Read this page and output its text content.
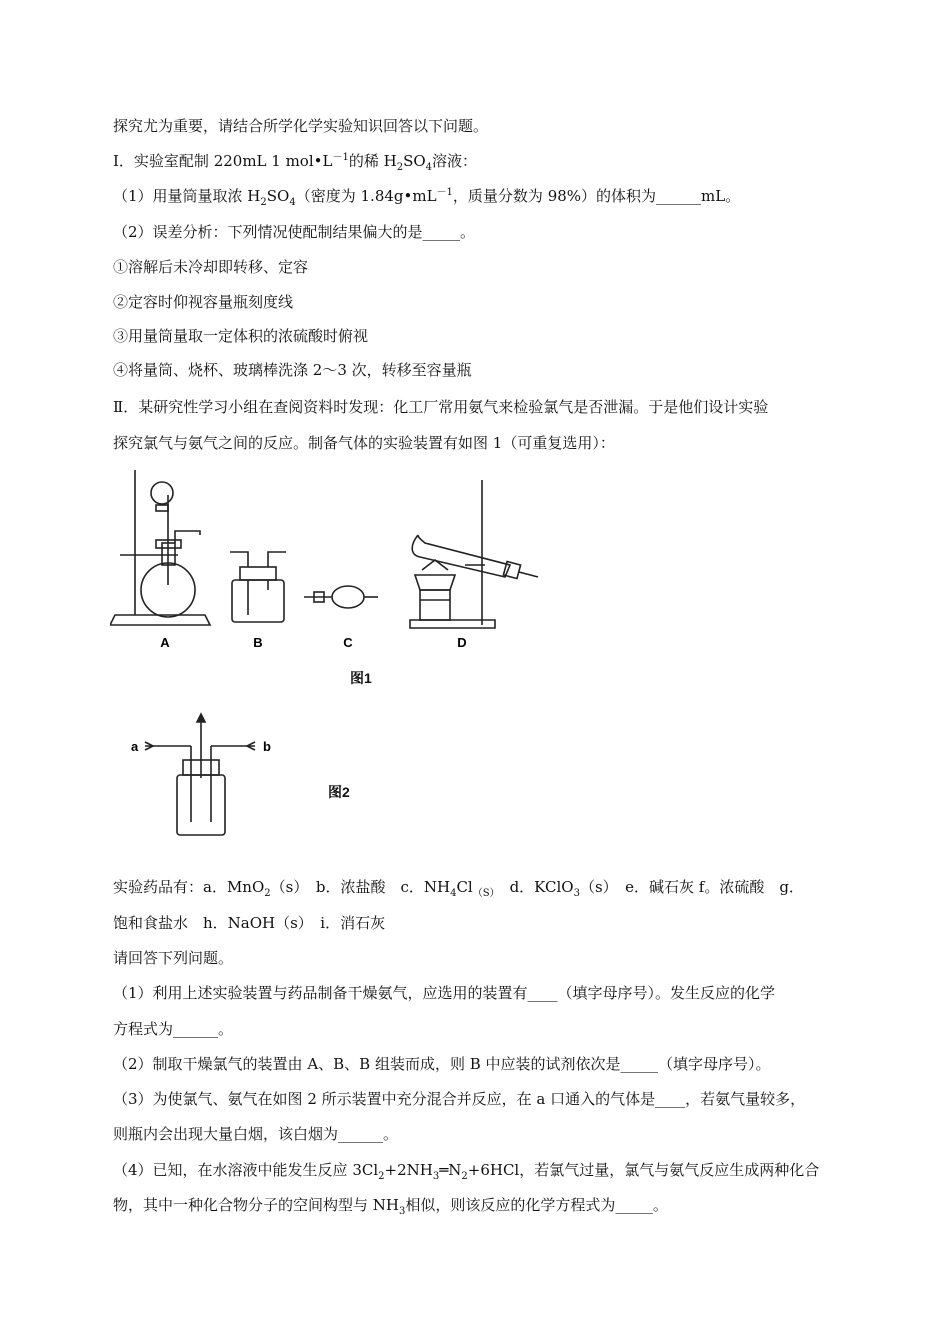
探究尤为重要，请结合所学化学实验知识回答以下问题。
Ⅰ．实验室配制 220mL 1 $mol•L^{-1}$的稀 $H_2SO_4$溶液：
（1）用量筒量取浓 $H_2SO_4$（密度为 $1.84g•mL^{-1}$，质量分数为 98%）的体积为______mL。
（2）误差分析：下列情况使配制结果偏大的是_____。
①溶解后未冷却即转移、定容
②定容时仰视容量瓶刻度线
③用量筒量取一定体积的浓硫酸时俯视
④将量筒、烧杯、玻璃棒洗涤 2～3 次，转移至容量瓶
Ⅱ．某研究性学习小组在查阅资料时发现：化工厂常用氨气来检验氯气是否泄漏。于是他们设计实验
探究氯气与氨气之间的反应。制备气体的实验装置有如图 1（可重复选用）：
A	B	C	D
图1
a	b
图2
实验药品有：a．MnO$_2$（s）　b．浓盐酸　c．$NH_4Cl_{(S)}$　d．KClO$_3$（s）　e．碱石灰 f。浓硫酸　g．
饱和食盐水　h．NaOH（s）　i．消石灰
请回答下列问题。
（1）利用上述实验装置与药品制备干燥氨气，应选用的装置有____（填字母序号）。发生反应的化学
方程式为______。
（2）制取干燥氯气的装置由 A、B、B 组装而成，则 B 中应装的试剂依次是_____（填字母序号）。
（3）为使氯气、氨气在如图 2 所示装置中充分混合并反应，在 a 口通入的气体是____，若氨气量较多，
则瓶内会出现大量白烟，该白烟为______。
（4）已知，在水溶液中能发生反应 $3Cl_2+2NH_3═N_2+6HCl$，若氯气过量，氯气与氨气反应生成两种化合
物，其中一种化合物分子的空间构型与 $NH_3$相似，则该反应的化学方程式为_____。
